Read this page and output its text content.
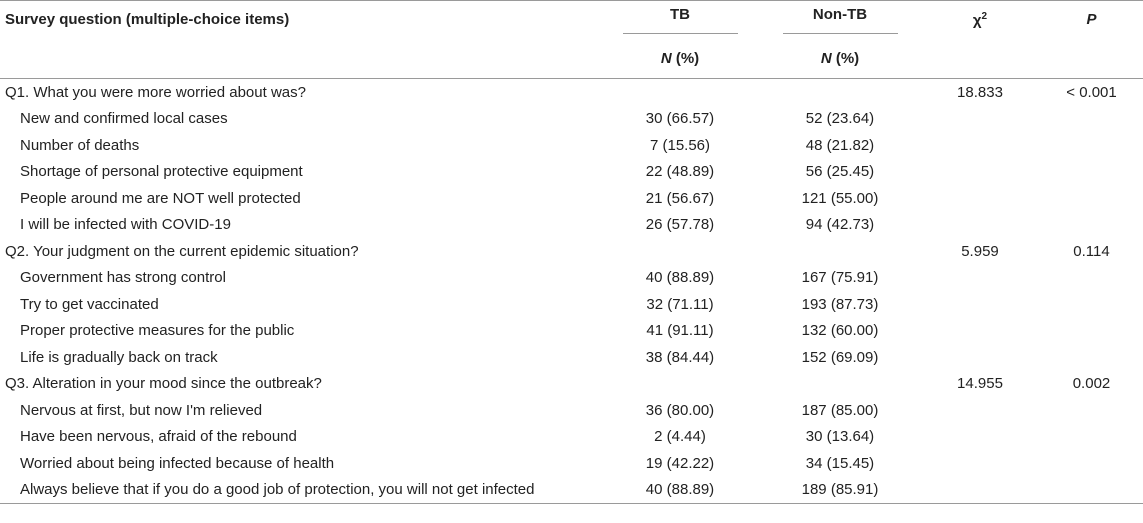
Survey question (multiple-choice items)	TB	Non-TB	$\chi^2$	P
	N (%)	N (%)		
Q1. What you were more worried about was?			18.833	< 0.001
New and confirmed local cases	30 (66.57)	52 (23.64)		
Number of deaths	7 (15.56)	48 (21.82)		
Shortage of personal protective equipment	22 (48.89)	56 (25.45)		
People around me are NOT well protected	21 (56.67)	121 (55.00)		
I will be infected with COVID-19	26 (57.78)	94 (42.73)		
Q2. Your judgment on the current epidemic situation?			5.959	0.114
Government has strong control	40 (88.89)	167 (75.91)		
Try to get vaccinated	32 (71.11)	193 (87.73)		
Proper protective measures for the public	41 (91.11)	132 (60.00)		
Life is gradually back on track	38 (84.44)	152 (69.09)		
Q3. Alteration in your mood since the outbreak?			14.955	0.002
Nervous at first, but now I'm relieved	36 (80.00)	187 (85.00)		
Have been nervous, afraid of the rebound	2 (4.44)	30 (13.64)		
Worried about being infected because of health	19 (42.22)	34 (15.45)		
Always believe that if you do a good job of protection, you will not get infected	40 (88.89)	189 (85.91)		
